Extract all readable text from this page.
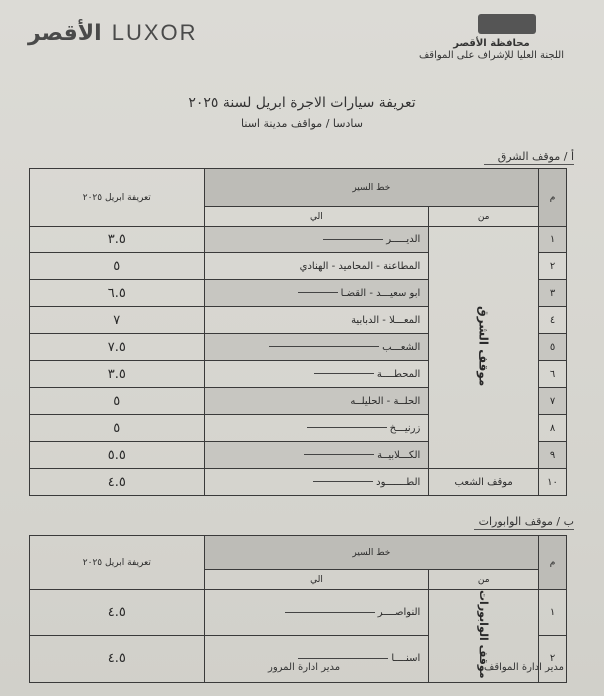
الأقصر LUXOR	محافظة الأقصر
اللجنة العليا للإشراف على المواقف
تعريفة سيارات الاجرة ابريل لسنة ٢٠٢٥
سادسا / مواقف مدينة اسنا
أ / موقف الشرق
م	خط السير		تعريفة ابريل ٢٠٢٥
	من	الي	
١	موقف الشرق	الديـــــر	٣.٥
٢		المطاعنة - المحاميد - الهنادي	٥
٣		ابو سعيـــد - القضـا	٦.٥
٤		المعـــلا - الدبابية	٧
٥		الشعـــب	٧.٥
٦		المحطــــة	٣.٥
٧		الحلــة - الحليلــه	٥
٨		زرنيـــخ	٥
٩		الكـــلابيــة	٥.٥
١٠	موقف الشعب	الطـــــــود	٤.٥
ب / موقف الوابورات
م	خط السير		تعريفة ابريل ٢٠٢٥
	من	الي	
١	موقف الوابورات	النواصــــر	٤.٥
٢		اسنــــا	٤.٥
مدير ادارة المواقف
مدير ادارة المرور
